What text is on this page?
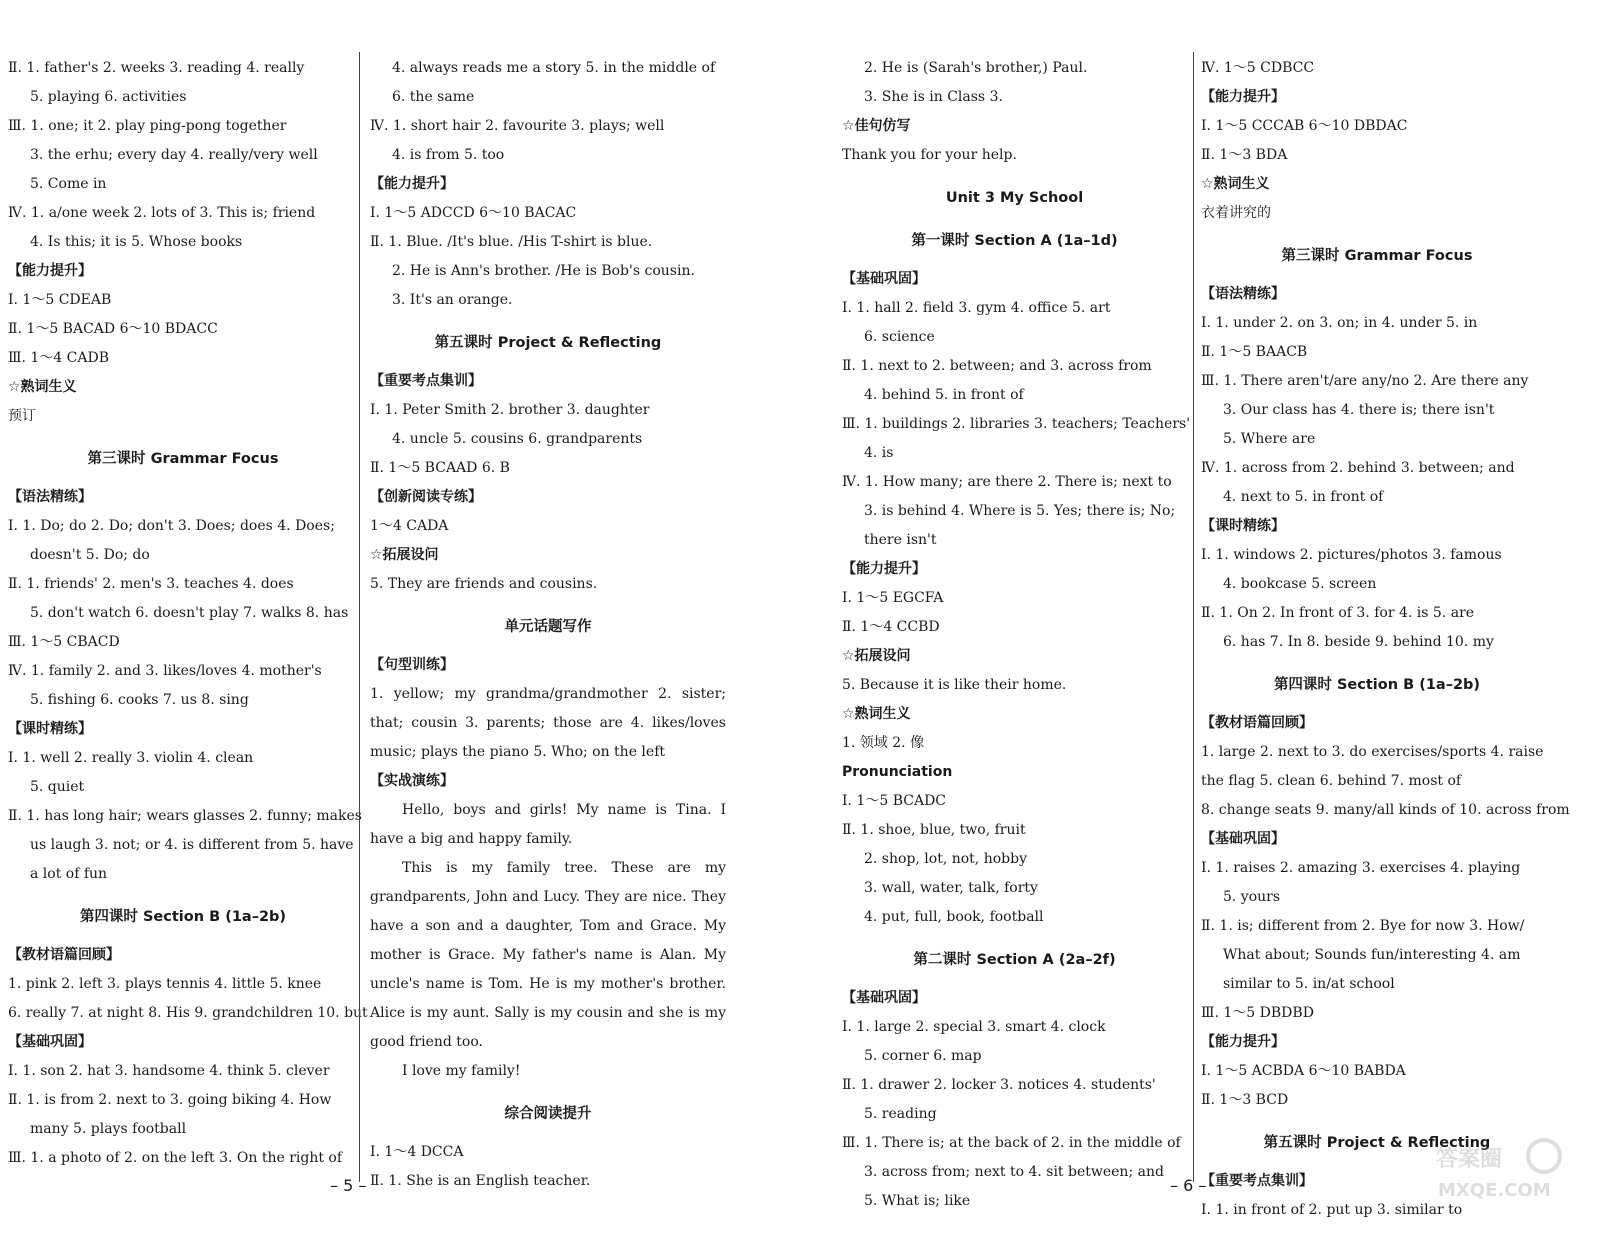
Ⅱ. 1. father's 2. weeks 3. reading 4. really
5. playing 6. activities
Ⅲ. 1. one; it 2. play ping-pong together
3. the erhu; every day 4. really/very well
5. Come in
Ⅳ. 1. a/one week 2. lots of 3. This is; friend
4. Is this; it is 5. Whose books
【能力提升】
Ⅰ. 1～5 CDEAB
Ⅱ. 1～5 BACAD 6～10 BDACC
Ⅲ. 1～4 CADB
☆熟词生义
预订
第三课时 Grammar Focus
【语法精练】
Ⅰ. 1. Do; do 2. Do; don't 3. Does; does 4. Does;
doesn't 5. Do; do
Ⅱ. 1. friends' 2. men's 3. teaches 4. does
5. don't watch 6. doesn't play 7. walks 8. has
Ⅲ. 1～5 CBACD
Ⅳ. 1. family 2. and 3. likes/loves 4. mother's
5. fishing 6. cooks 7. us 8. sing
【课时精练】
Ⅰ. 1. well 2. really 3. violin 4. clean
5. quiet
Ⅱ. 1. has long hair; wears glasses 2. funny; makes
us laugh 3. not; or 4. is different from 5. have
a lot of fun
第四课时 Section B (1a–2b)
【教材语篇回顾】
1. pink 2. left 3. plays tennis 4. little 5. knee
6. really 7. at night 8. His 9. grandchildren 10. but
【基础巩固】
Ⅰ. 1. son 2. hat 3. handsome 4. think 5. clever
Ⅱ. 1. is from 2. next to 3. going biking 4. How
many 5. plays football
Ⅲ. 1. a photo of 2. on the left 3. On the right of
4. always reads me a story 5. in the middle of
6. the same
Ⅳ. 1. short hair 2. favourite 3. plays; well
4. is from 5. too
【能力提升】
Ⅰ. 1～5 ADCCD 6～10 BACAC
Ⅱ. 1. Blue. /It's blue. /His T-shirt is blue.
2. He is Ann's brother. /He is Bob's cousin.
3. It's an orange.
第五课时 Project & Reflecting
【重要考点集训】
Ⅰ. 1. Peter Smith 2. brother 3. daughter
4. uncle 5. cousins 6. grandparents
Ⅱ. 1～5 BCAAD 6. B
【创新阅读专练】
1～4 CADA
☆拓展设问
5. They are friends and cousins.
单元话题写作
【句型训练】
1. yellow; my grandma/grandmother 2. sister; that; cousin 3. parents; those are 4. likes/loves music; plays the piano 5. Who; on the left
【实战演练】
Hello, boys and girls! My name is Tina. I have a big and happy family.
This is my family tree. These are my grandparents, John and Lucy. They are nice. They have a son and a daughter, Tom and Grace. My mother is Grace. My father's name is Alan. My uncle's name is Tom. He is my mother's brother. Alice is my aunt. Sally is my cousin and she is my good friend too.
I love my family!
综合阅读提升
Ⅰ. 1～4 DCCA
Ⅱ. 1. She is an English teacher.
2. He is (Sarah's brother,) Paul.
3. She is in Class 3.
☆佳句仿写
Thank you for your help.
Unit 3 My School
第一课时 Section A (1a–1d)
【基础巩固】
Ⅰ. 1. hall 2. field 3. gym 4. office 5. art
6. science
Ⅱ. 1. next to 2. between; and 3. across from
4. behind 5. in front of
Ⅲ. 1. buildings 2. libraries 3. teachers; Teachers'
4. is
Ⅳ. 1. How many; are there 2. There is; next to
3. is behind 4. Where is 5. Yes; there is; No;
there isn't
【能力提升】
Ⅰ. 1～5 EGCFA
Ⅱ. 1～4 CCBD
☆拓展设问
5. Because it is like their home.
☆熟词生义
1. 领域 2. 像
Pronunciation
Ⅰ. 1～5 BCADC
Ⅱ. 1. shoe, blue, two, fruit
2. shop, lot, not, hobby
3. wall, water, talk, forty
4. put, full, book, football
第二课时 Section A (2a–2f)
【基础巩固】
Ⅰ. 1. large 2. special 3. smart 4. clock
5. corner 6. map
Ⅱ. 1. drawer 2. locker 3. notices 4. students'
5. reading
Ⅲ. 1. There is; at the back of 2. in the middle of
3. across from; next to 4. sit between; and
5. What is; like
Ⅳ. 1～5 CDBCC
【能力提升】
Ⅰ. 1～5 CCCAB 6～10 DBDAC
Ⅱ. 1～3 BDA
☆熟词生义
衣着讲究的
第三课时 Grammar Focus
【语法精练】
Ⅰ. 1. under 2. on 3. on; in 4. under 5. in
Ⅱ. 1～5 BAACB
Ⅲ. 1. There aren't/are any/no 2. Are there any
3. Our class has 4. there is; there isn't
5. Where are
Ⅳ. 1. across from 2. behind 3. between; and
4. next to 5. in front of
【课时精练】
Ⅰ. 1. windows 2. pictures/photos 3. famous
4. bookcase 5. screen
Ⅱ. 1. On 2. In front of 3. for 4. is 5. are
6. has 7. In 8. beside 9. behind 10. my
第四课时 Section B (1a–2b)
【教材语篇回顾】
1. large 2. next to 3. do exercises/sports 4. raise
the flag 5. clean 6. behind 7. most of
8. change seats 9. many/all kinds of 10. across from
【基础巩固】
Ⅰ. 1. raises 2. amazing 3. exercises 4. playing
5. yours
Ⅱ. 1. is; different from 2. Bye for now 3. How/
What about; Sounds fun/interesting 4. am
similar to 5. in/at school
Ⅲ. 1～5 DBDBD
【能力提升】
Ⅰ. 1～5 ACBDA 6～10 BABDA
Ⅱ. 1～3 BCD
第五课时 Project & Reflecting
【重要考点集训】
Ⅰ. 1. in front of 2. put up 3. similar to
– 5 –	– 6 –
答案圈
MXQE.COM
